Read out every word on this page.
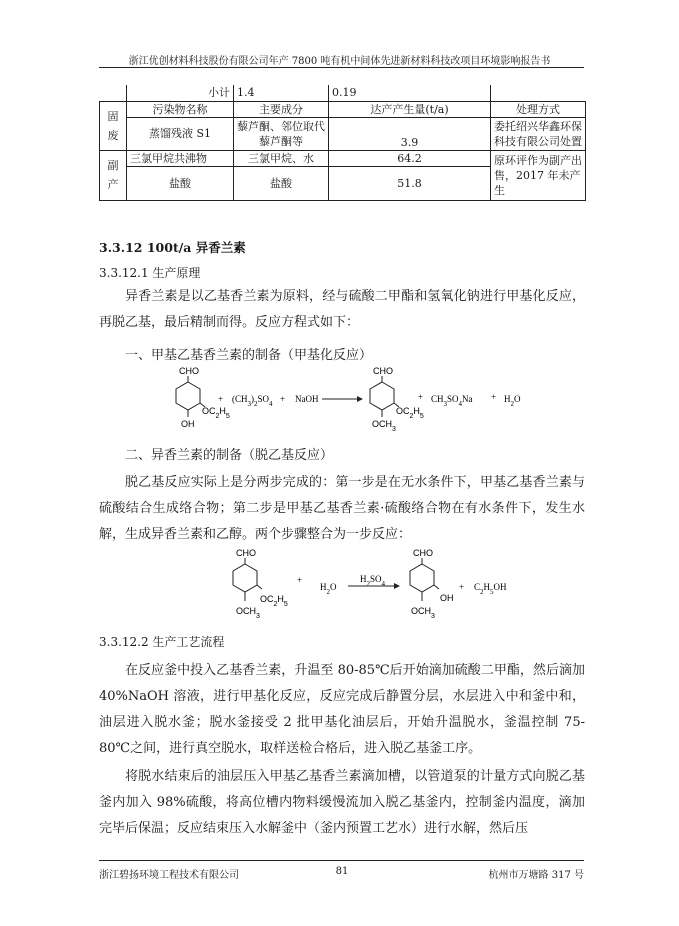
浙江优创材料科技股份有限公司年产 7800 吨有机中间体先进新材料科技改项目环境影响报告书
	小计	1.4	0.19	
固废	污染物名称	主要成分	达产产生量(t/a)	处理方式
	蒸馏残液 S1	藜芦酮、邻位取代藜芦酮等	3.9	委托绍兴华鑫环保科技有限公司处置
副产	三氯甲烷共沸物	三氯甲烷、水	64.2	原环评作为副产出售，2017 年未产生
	盐酸	盐酸	51.8	
3.3.12 100t/a 异香兰素
3.3.12.1 生产原理
异香兰素是以乙基香兰素为原料，经与硫酸二甲酯和氢氧化钠进行甲基化反应，再脱乙基，最后精制而得。反应方程式如下：
一、甲基乙基香兰素的制备（甲基化反应）
CHO
$OC_2H_5$
OH
+ $(CH_3)_2SO_4$ + NaOH
CHO
$OC_2H_5$
$OCH_3$
+ $CH_3SO_4Na + H_2O$
二、异香兰素的制备（脱乙基反应）
脱乙基反应实际上是分两步完成的：第一步是在无水条件下，甲基乙基香兰素与硫酸结合生成络合物；第二步是甲基乙基香兰素·硫酸络合物在有水条件下，发生水解，生成异香兰素和乙醇。两个步骤整合为一步反应：
CHO
$OC_2H_5$
$OCH_3$
+
$H_2O$
$H_2SO_4$
CHO
OH
$OCH_3$
+ $C_2H_5OH$
3.3.12.2 生产工艺流程
在反应釜中投入乙基香兰素，升温至 80-85℃后开始滴加硫酸二甲酯，然后滴加 40%NaOH 溶液，进行甲基化反应，反应完成后静置分层，水层进入中和釜中和，油层进入脱水釜；脱水釜接受 2 批甲基化油层后，开始升温脱水，釜温控制 75-80℃之间，进行真空脱水，取样送检合格后，进入脱乙基釜工序。
将脱水结束后的油层压入甲基乙基香兰素滴加槽，以管道泵的计量方式向脱乙基釜内加入 98%硫酸，将高位槽内物料缓慢流加入脱乙基釜内，控制釜内温度，滴加完毕后保温；反应结束压入水解釜中（釜内预置工艺水）进行水解，然后压
浙江碧扬环境工程技术有限公司	81	杭州市万塘路 317 号
